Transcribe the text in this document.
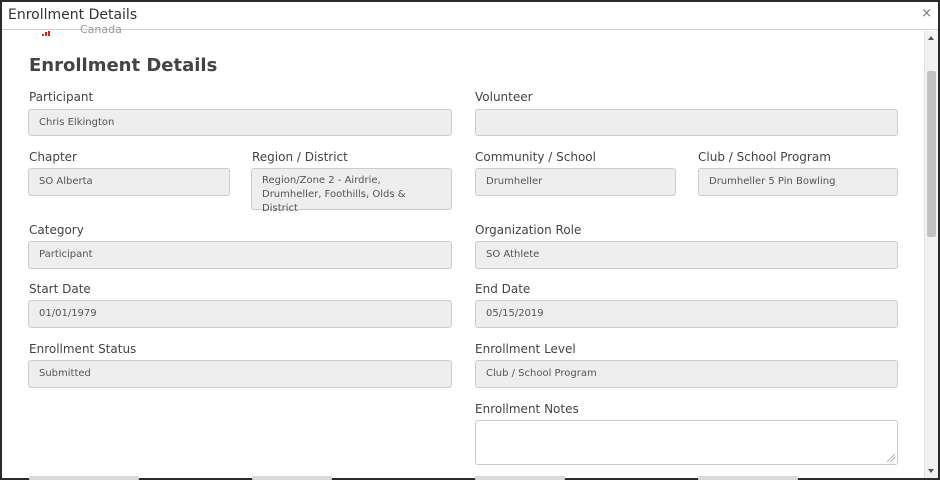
Enrollment Details	×
Canada
Enrollment Details
Participant
Chris Elkington
Volunteer
Chapter
SO Alberta
Region / District
Region/Zone 2 - Airdrie, Drumheller, Foothills, Olds & District
Community / School
Drumheller
Club / School Program
Drumheller 5 Pin Bowling
Category
Participant
Organization Role
SO Athlete
Start Date
01/01/1979
End Date
05/15/2019
Enrollment Status
Submitted
Enrollment Level
Club / School Program
Enrollment Notes
